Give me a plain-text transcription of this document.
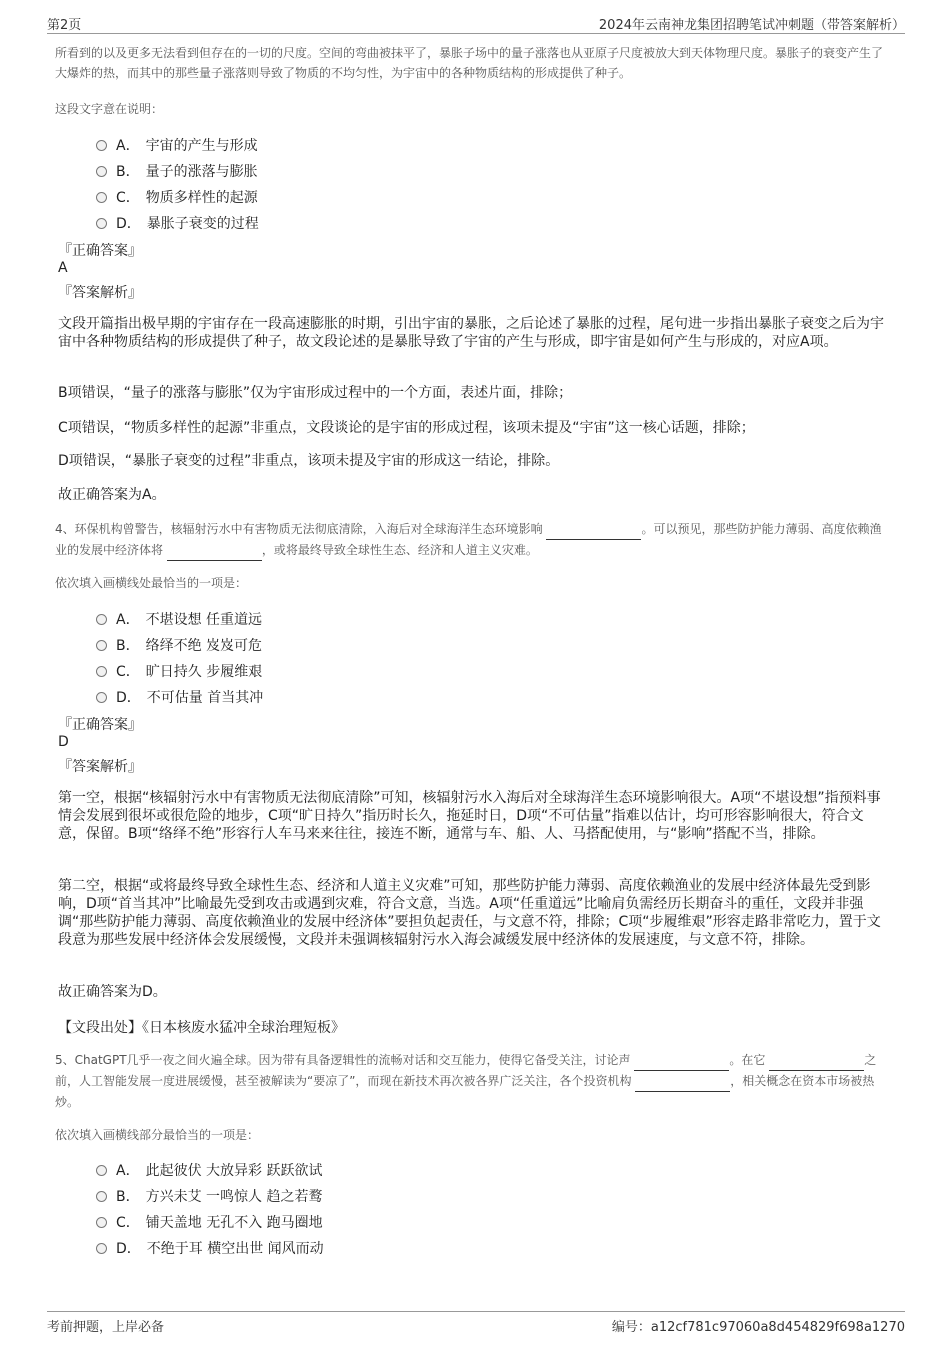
第2页	2024年云南神龙集团招聘笔试冲刺题（带答案解析）
所看到的以及更多无法看到但存在的一切的尺度。空间的弯曲被抹平了，暴胀子场中的量子涨落也从亚原子尺度被放大到天体物理尺度。暴胀子的衰变产生了大爆炸的热，而其中的那些量子涨落则导致了物质的不均匀性，为宇宙中的各种物质结构的形成提供了种子。
这段文字意在说明：
A． 宇宙的产生与形成
B． 量子的涨落与膨胀
C． 物质多样性的起源
D． 暴胀子衰变的过程
『正确答案』
A
『答案解析』
文段开篇指出极早期的宇宙存在一段高速膨胀的时期，引出宇宙的暴胀，之后论述了暴胀的过程，尾句进一步指出暴胀子衰变之后为宇宙中各种物质结构的形成提供了种子，故文段论述的是暴胀导致了宇宙的产生与形成，即宇宙是如何产生与形成的，对应A项。
B项错误，“量子的涨落与膨胀”仅为宇宙形成过程中的一个方面，表述片面，排除；
C项错误，“物质多样性的起源”非重点，文段谈论的是宇宙的形成过程，该项未提及“宇宙”这一核心话题，排除；
D项错误，“暴胀子衰变的过程”非重点，该项未提及宇宙的形成这一结论，排除。
故正确答案为A。
4、环保机构曾警告，核辐射污水中有害物质无法彻底清除，入海后对全球海洋生态环境影响	。可以预见，那些防护能力薄弱、高度依赖渔业的发展中经济体将	，或将最终导致全球性生态、经济和人道主义灾难。
依次填入画横线处最恰当的一项是：
A． 不堪设想 任重道远
B． 络绎不绝 岌岌可危
C． 旷日持久 步履维艰
D． 不可估量 首当其冲
『正确答案』
D
『答案解析』
第一空，根据“核辐射污水中有害物质无法彻底清除”可知，核辐射污水入海后对全球海洋生态环境影响很大。A项“不堪设想”指预料事情会发展到很坏或很危险的地步，C项“旷日持久”指历时长久，拖延时日，D项“不可估量”指难以估计，均可形容影响很大，符合文意，保留。B项“络绎不绝”形容行人车马来来往往，接连不断，通常与车、船、人、马搭配使用，与“影响”搭配不当，排除。
第二空，根据“或将最终导致全球性生态、经济和人道主义灾难”可知，那些防护能力薄弱、高度依赖渔业的发展中经济体最先受到影响，D项“首当其冲”比喻最先受到攻击或遇到灾难，符合文意，当选。A项“任重道远”比喻肩负需经历长期奋斗的重任，文段并非强调“那些防护能力薄弱、高度依赖渔业的发展中经济体”要担负起责任，与文意不符，排除；C项“步履维艰”形容走路非常吃力，置于文段意为那些发展中经济体会发展缓慢，文段并未强调核辐射污水入海会减缓发展中经济体的发展速度，与文意不符，排除。
故正确答案为D。
【文段出处】《日本核废水猛冲全球治理短板》
5、ChatGPT几乎一夜之间火遍全球。因为带有具备逻辑性的流畅对话和交互能力，使得它备受关注，讨论声	。在它	之前，人工智能发展一度进展缓慢，甚至被解读为“要凉了”，而现在新技术再次被各界广泛关注，各个投资机构	，相关概念在资本市场被热炒。
依次填入画横线部分最恰当的一项是：
A． 此起彼伏 大放异彩 跃跃欲试
B． 方兴未艾 一鸣惊人 趋之若鹜
C． 铺天盖地 无孔不入 跑马圈地
D． 不绝于耳 横空出世 闻风而动
考前押题，上岸必备	编号：a12cf781c97060a8d454829f698a1270
